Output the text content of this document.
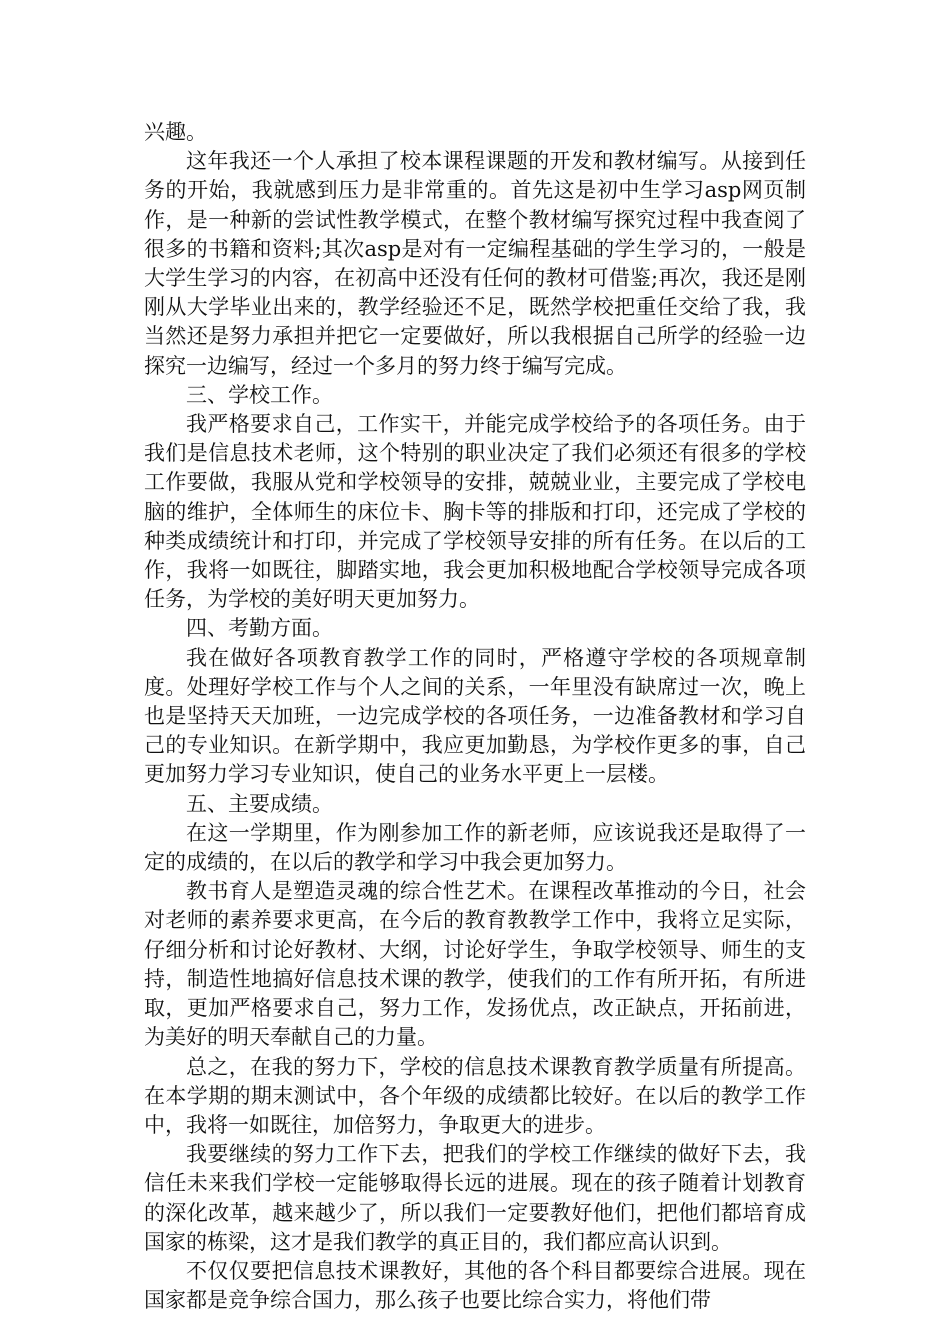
兴趣。

这年我还一个人承担了校本课程课题的开发和教材编写。从接到任务的开始，我就感到压力是非常重的。首先这是初中生学习asp网页制作，是一种新的尝试性教学模式，在整个教材编写探究过程中我查阅了很多的书籍和资料;其次asp是对有一定编程基础的学生学习的，一般是大学生学习的内容，在初高中还没有任何的教材可借鉴;再次，我还是刚刚从大学毕业出来的，教学经验还不足，既然学校把重任交给了我，我当然还是努力承担并把它一定要做好，所以我根据自己所学的经验一边探究一边编写，经过一个多月的努力终于编写完成。

三、学校工作。

我严格要求自己，工作实干，并能完成学校给予的各项任务。由于我们是信息技术老师，这个特别的职业决定了我们必须还有很多的学校工作要做，我服从党和学校领导的安排，兢兢业业，主要完成了学校电脑的维护，全体师生的床位卡、胸卡等的排版和打印，还完成了学校的种类成绩统计和打印，并完成了学校领导安排的所有任务。在以后的工作，我将一如既往，脚踏实地，我会更加积极地配合学校领导完成各项任务，为学校的美好明天更加努力。

四、考勤方面。

我在做好各项教育教学工作的同时，严格遵守学校的各项规章制度。处理好学校工作与个人之间的关系，一年里没有缺席过一次，晚上也是坚持天天加班，一边完成学校的各项任务，一边准备教材和学习自己的专业知识。在新学期中，我应更加勤恳，为学校作更多的事，自己更加努力学习专业知识，使自己的业务水平更上一层楼。

五、主要成绩。

在这一学期里，作为刚参加工作的新老师，应该说我还是取得了一定的成绩的，在以后的教学和学习中我会更加努力。

教书育人是塑造灵魂的综合性艺术。在课程改革推动的今日，社会对老师的素养要求更高，在今后的教育教教学工作中，我将立足实际，仔细分析和讨论好教材、大纲，讨论好学生，争取学校领导、师生的支持，制造性地搞好信息技术课的教学，使我们的工作有所开拓，有所进取，更加严格要求自己，努力工作，发扬优点，改正缺点，开拓前进，为美好的明天奉献自己的力量。

总之，在我的努力下，学校的信息技术课教育教学质量有所提高。在本学期的期末测试中，各个年级的成绩都比较好。在以后的教学工作中，我将一如既往，加倍努力，争取更大的进步。

我要继续的努力工作下去，把我们的学校工作继续的做好下去，我信任未来我们学校一定能够取得长远的进展。现在的孩子随着计划教育的深化改革，越来越少了，所以我们一定要教好他们，把他们都培育成国家的栋梁，这才是我们教学的真正目的，我们都应高认识到。

不仅仅要把信息技术课教好，其他的各个科目都要综合进展。现在国家都是竞争综合国力，那么孩子也要比综合实力，将他们带
